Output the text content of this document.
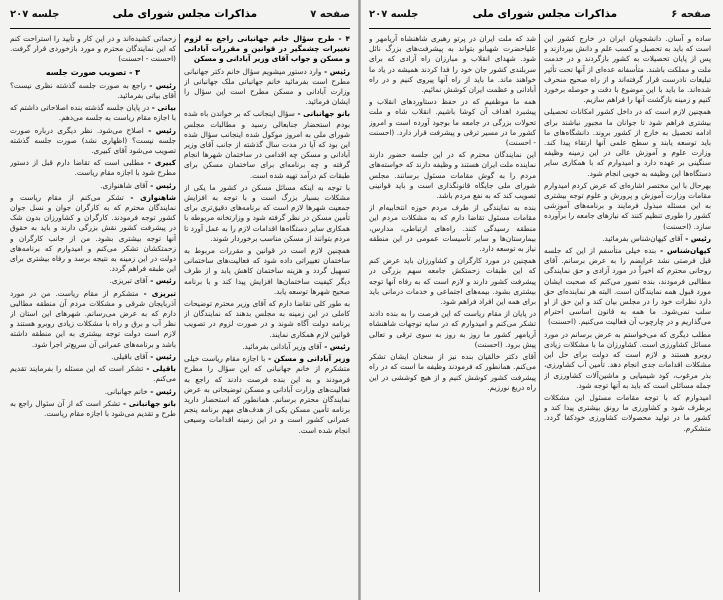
صفحه ۷
مذاکرات مجلس شورای ملی
جلسه ۲۰۷
۴ - طرح سؤال خانم جهانبانی راجع به لزوم تغییرات چشمگیر در قوانین و مقررات آبادانی و مسکن و جواب آقای وزیر آبادانی و مسکن
رئیس - وارد دستور میشویم سؤال خانم دکتر جهانبانی مطرح است بفرمائید خانم جهانبانی ملک جهانبانی از وزارت آبادانی و مسکن مطرح است این سؤال را ایشان فرمائید.
بانو جهانبانی - سؤال اینجانب که بر خواندن باه شده بودم استحضار جنابعالی رسید و مطالبات مجلس شورای ملی به امروز موکول شده اینجانب سؤال شده این بود که آیا در مدت سال گذشته از جانب آقای وزیر آبادانی و مسکن چه اقدامی در ساختمان شهرها انجام گرفته و چه برنامه‌ای برای ساختمان مسکن برای طبقات کم درآمد تهیه شده است.
با توجه به اینکه مسائل مسکن در کشور ما یکی از مشکلات بسیار بزرگ است و با توجه به افزایش جمعیت شهرها لازم است که برنامه‌های دقیق‌تری برای تأمین مسکن در نظر گرفته شود و وزارتخانه مربوطه با همکاری سایر دستگاه‌ها اقدامات لازم را به عمل آورد تا مردم بتوانند از مسکن مناسب برخوردار شوند.
همچنین لازم است در قوانین و مقررات مربوط به ساختمان تغییراتی داده شود که فعالیت‌های ساختمانی تسهیل گردد و هزینه ساختمان کاهش یابد و از طرف دیگر کیفیت ساختمان‌ها افزایش پیدا کند و با برنامه صحیح شهرها توسعه یابد.
به طور کلی تقاضا دارم که آقای وزیر محترم توضیحات کاملی در این زمینه به مجلس بدهند که نمایندگان از برنامه دولت آگاه شوند و در صورت لزوم در تصویب قوانین لازم همکاری نمایند.
رئیس - آقای وزیر آبادانی بفرمائید.
وزیر آبادانی و مسکن - با اجازه مقام ریاست خیلی متشکرم از خانم جهانبانی که این سؤال را مطرح فرمودند و به این بنده فرصت دادند که راجع به فعالیت‌های وزارت آبادانی و مسکن توضیحاتی به عرض نمایندگان محترم برسانم. همانطور که استحضار دارید برنامه تأمین مسکن یکی از هدف‌های مهم برنامه پنجم عمرانی کشور است و در این زمینه اقدامات وسیعی انجام شده است.
زحماتی کشیده‌اند و در این کار و تأیید را استراحت کنم که این نمایندگان محترم و مورد بازخوردی قرار گرفت. (احسنت - احسنت)
۳ - تصویب صورت جلسه
رئیس - راجع به صورت جلسه گذشته نظری نیست؟ آقای بیاتی بفرمائید.
بیاتی - در پایان جلسه گذشته بنده اصلاحاتی داشتم که با اجازه مقام ریاست به جلسه می‌دهم.
رئیس - اصلاح می‌شود. نظر دیگری درباره صورت جلسه نیست؟ (اظهاری نشد) صورت جلسه گذشته تصویب می‌شود آقای کبیری.
کبیری - مطلبی است که تقاضا دارم قبل از دستور مطرح شود با اجازه مقام ریاست.
رئیس - آقای شاهنوازی.
شاهنوازی - تشکر می‌کنم از مقام ریاست و نمایندگان محترم که به کارگران جوان و نسل جوان کشور توجه فرمودند. کارگران و کشاورزان بدون شک در پیشرفت کشور نقش بزرگی دارند و باید به حقوق آنها توجه بیشتری بشود. من از جانب کارگران و زحمتکشان تشکر می‌کنم و امیدوارم که برنامه‌های دولت در این زمینه به نتیجه برسد و رفاه بیشتری برای این طبقه فراهم گردد.
رئیس - آقای تبریزی.
تبریزی - متشکرم از مقام ریاست. من در مورد آذربایجان شرقی و مشکلات مردم آن منطقه مطالبی دارم که به عرض می‌رسانم. شهرهای این استان از نظر آب و برق و راه با مشکلات زیادی روبرو هستند و لازم است دولت توجه بیشتری به این منطقه داشته باشد و برنامه‌های عمرانی آن سریع‌تر اجرا شود.
رئیس - آقای باقیلی.
باقیلی - تشکر است که این مسئله را بفرمایند تقدیم می‌کنم.
رئیس - خانم جهانبانی.
بانو جهانبانی - تشکر است که از آن سئوال راجع به طرح و تقدیم می‌شود با اجازه مقام ریاست.
صفحه ۶
مذاکرات مجلس شورای ملی
جلسه ۲۰۷
ساده و آسان. دانشجویان ایران در خارج کشور این است که باید به تحصیل و کسب علم و دانش بپردازند و پس از پایان تحصیلات به کشور بازگردند و در خدمت ملت و مملکت باشند. متأسفانه عده‌ای از آنها تحت تأثیر تبلیغات نادرست قرار گرفته‌اند و از راه صحیح منحرف شده‌اند. ما باید با این موضوع با دقت و حوصله برخورد کنیم و زمینه بازگشت آنها را فراهم سازیم.
همچنین لازم است که در داخل کشور امکانات تحصیلی بیشتری فراهم شود تا جوانان ما مجبور نباشند برای ادامه تحصیل به خارج از کشور بروند. دانشگاه‌های ما باید توسعه یابند و سطح علمی آنها ارتقاء پیدا کند. وزارت علوم و آموزش عالی در این زمینه وظیفه سنگینی بر عهده دارد و امیدوارم که با همکاری سایر دستگاه‌ها این وظیفه به خوبی انجام شود.
بهرحال با این مختصر اشاره‌ای که عرض کردم امیدوارم مقامات وزارت آموزش و پرورش و علوم توجه بیشتری به این مسئله مبذول فرمایند و برنامه‌های آموزشی کشور را طوری تنظیم کنند که نیازهای جامعه را برآورده سازد. (احسنت)
رئیس - آقای کیهان‌شناس بفرمائید.
کیهان‌شناس - بنده خیلی متأسفم از این که جلسه قبل فرصتی نشد عرایضم را به عرض برسانم. آقای روحانی محترم که اخیراً در مورد آزادی و حق نمایندگی مطالبی فرمودند، بنده تصور می‌کنم که صحبت ایشان مورد قبول همه نمایندگان است. البته هر نماینده‌ای حق دارد نظرات خود را در مجلس بیان کند و این حق از او سلب نمی‌شود. ما همه به قانون اساسی احترام می‌گذاریم و در چارچوب آن فعالیت می‌کنیم. (احسنت)
مطلب دیگری که می‌خواستم به عرض برسانم در مورد مسائل کشاورزی است. کشاورزان ما با مشکلات زیادی روبرو هستند و لازم است که دولت برای حل این مشکلات اقدامات جدی انجام دهد. تأمین آب کشاورزی، بذر مرغوب، کود شیمیایی و ماشین‌آلات کشاورزی از جمله مسائلی است که باید به آنها توجه شود.
امیدوارم که با توجه مقامات مسئول این مشکلات برطرف شود و کشاورزی ما رونق بیشتری پیدا کند و کشور ما در تولید محصولات کشاورزی خودکفا گردد. متشکرم.
شد که ملت ایران در پرتو رهبری شاهنشاه آریامهر و علیاحضرت شهبانو بتواند به پیشرفت‌های بزرگ نائل شود. شهدای انقلاب و مبارزان راه آزادی که برای سربلندی کشور جان خود را فدا کردند همیشه در یاد ما خواهند ماند. ما باید از راه آنها پیروی کنیم و در راه آبادانی و عظمت ایران کوشش نمائیم.
همه ما موظفیم که در حفظ دستاوردهای انقلاب و پیشبرد اهداف آن کوشا باشیم. انقلاب شاه و ملت تحولات بزرگی در جامعه ما بوجود آورده است و امروز کشور ما در مسیر ترقی و پیشرفت قرار دارد. (احسنت - احسنت)
این نمایندگان محترم که در این جلسه حضور دارند نماینده ملت ایران هستند و وظیفه دارند که خواسته‌های مردم را به گوش مقامات مسئول برسانند. مجلس شورای ملی جایگاه قانونگذاری است و باید قوانینی تصویب کند که به نفع مردم باشد.
بنده به نمایندگی از طرف مردم حوزه انتخابیه‌ام از مقامات مسئول تقاضا دارم که به مشکلات مردم این منطقه رسیدگی کنند. راه‌های ارتباطی، مدارس، بیمارستان‌ها و سایر تأسیسات عمومی در این منطقه نیاز به توسعه دارد.
همچنین در مورد کارگران و کشاورزان باید عرض کنم که این طبقات زحمتکش جامعه سهم بزرگی در پیشرفت کشور دارند و لازم است که به رفاه آنها توجه بیشتری بشود. بیمه‌های اجتماعی و خدمات درمانی باید برای همه این افراد فراهم شود.
در پایان از مقام ریاست که این فرصت را به بنده دادند تشکر می‌کنم و امیدوارم که در سایه توجهات شاهنشاه آریامهر کشور ما روز به روز به سوی ترقی و تعالی پیش برود. (احسنت)
آقای دکتر خالقیان بنده نیز از سخنان ایشان تشکر می‌کنم. همانطور که فرمودند وظیفه ما است که در راه پیشرفت کشور کوشش کنیم و از هیچ کوششی در این راه دریغ نورزیم.
